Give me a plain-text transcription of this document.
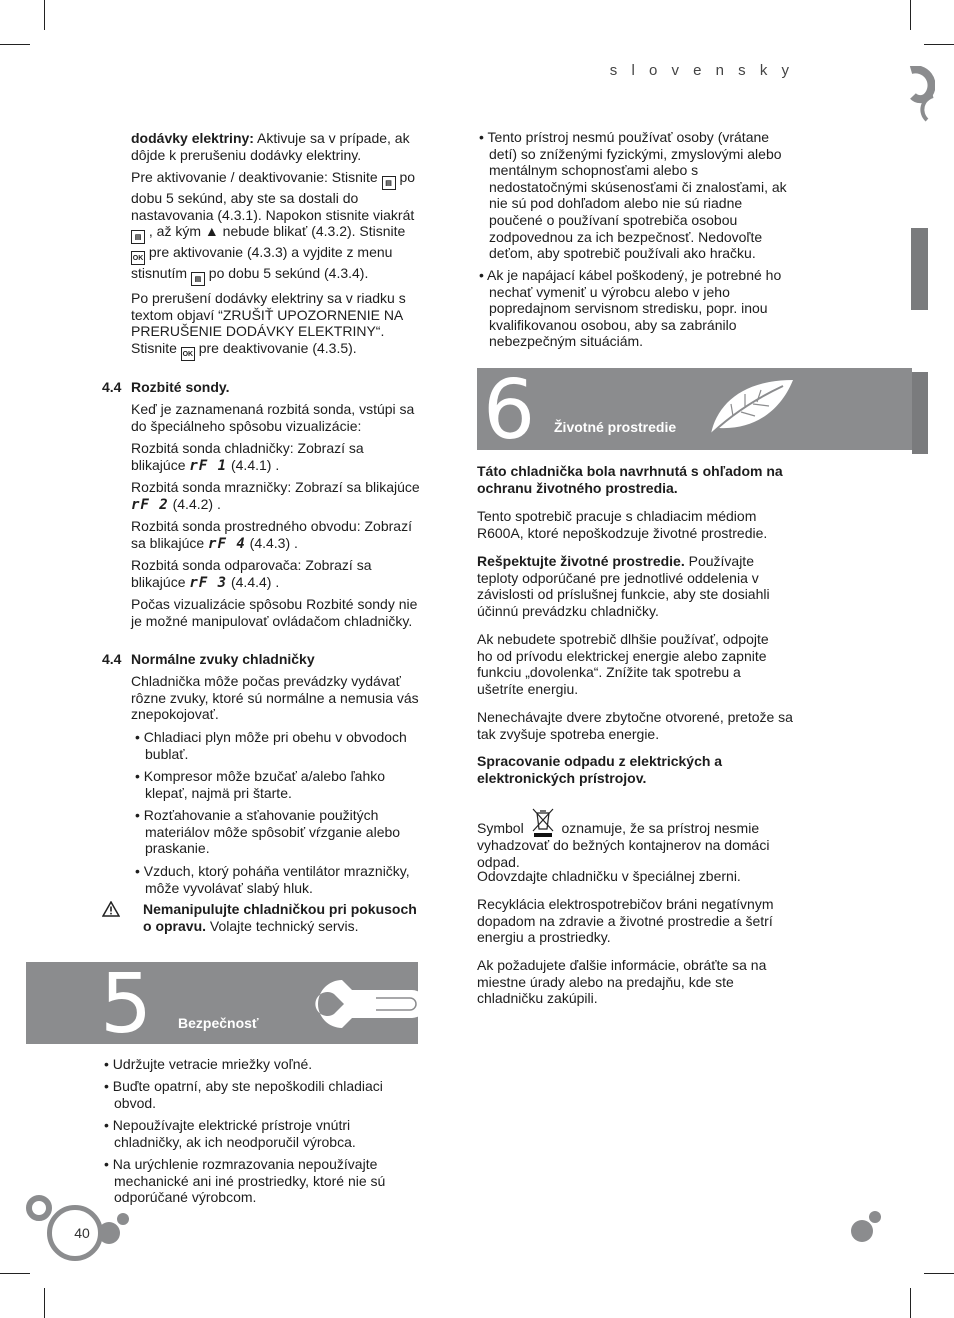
s l o v e n s k y

dodávky elektriny: Aktivuje sa v prípade, ak dôjde k prerušeniu dodávky elektriny.

Pre aktivovanie / deaktivovanie: Stisnite ▤ po dobu 5 sekúnd, aby ste sa dostali do nastavovania (4.3.1). Napokon stisnite viakrát ▤ , až kým ▲ nebude blikať (4.3.2). Stisnite OK pre aktivovanie (4.3.3) a vyjdite z menu stisnutím ▤ po dobu 5 sekúnd (4.3.4).

Po prerušení dodávky elektriny sa v riadku s textom objaví “ZRUŠIŤ UPOZORNENIE NA PRERUŠENIE DODÁVKY ELEKTRINY“. Stisnite OK pre deaktivovanie (4.3.5).

4.4 Rozbité sondy.

Keď je zaznamenaná rozbitá sonda, vstúpi sa do špeciálneho spôsobu vizualizácie:

Rozbitá sonda chladničky: Zobrazí sa blikajúce rF 1 (4.4.1) .

Rozbitá sonda mrazničky: Zobrazí sa blikajúce rF 2 (4.4.2) .

Rozbitá sonda prostredného obvodu: Zobrazí sa blikajúce rF 4 (4.4.3) .

Rozbitá sonda odparovača: Zobrazí sa blikajúce rF 3 (4.4.4) .

Počas vizualizácie spôsobu Rozbité sondy nie je možné manipulovať ovládačom chladničky.

4.4 Normálne zvuky chladničky

Chladnička môže počas prevádzky vydávať rôzne zvuky, ktoré sú normálne a nemusia vás znepokojovať.

• Chladiaci plyn môže pri obehu v obvodoch bublať.

• Kompresor môže bzučať a/alebo ľahko klepať, najmä pri štarte.

• Rozťahovanie a sťahovanie použitých materiálov môže spôsobiť vŕzganie alebo praskanie.

• Vzduch, ktorý poháňa ventilátor mrazničky, môže vyvolávať slabý hluk.

Nemanipulujte chladničkou pri pokusoch o opravu. Volajte technický servis.

5 Bezpečnosť

• Udržujte vetracie mriežky voľné.

• Buďte opatrní, aby ste nepoškodili chladiaci obvod.

• Nepoužívajte elektrické prístroje vnútri chladničky, ak ich neodporučil výrobca.

• Na urýchlenie rozmrazovania nepoužívajte mechanické ani iné prostriedky, ktoré nie sú odporúčané výrobcom.

• Tento prístroj nesmú používať osoby (vrátane detí) so zníženými fyzickými, zmyslovými alebo mentálnym schopnosťami alebo s nedostatočnými skúsenosťami či znalosťami, ak nie sú pod dohľadom alebo nie sú riadne poučené o používaní spotrebiča osobou zodpovednou za ich bezpečnosť. Nedovoľte deťom, aby spotrebič používali ako hračku.

• Ak je napájací kábel poškodený, je potrebné ho nechať vymeniť u výrobcu alebo v jeho popredajnom servisnom stredisku, popr. inou kvalifikovanou osobou, aby sa zabránilo nebezpečným situáciám.

6 Životné prostredie

Táto chladnička bola navrhnutá s ohľadom na ochranu životného prostredia.

Tento spotrebič pracuje s chladiacim médiom R600A, ktoré nepoškodzuje životné prostredie.

Rešpektujte životné prostredie. Používajte teploty odporúčané pre jednotlivé oddelenia v závislosti od príslušnej funkcie, aby ste dosiahli účinnú prevádzku chladničky.

Ak nebudete spotrebič dlhšie používať, odpojte ho od prívodu elektrickej energie alebo zapnite funkciu „dovolenka“. Znížite tak spotrebu a ušetríte energiu.

Nenechávajte dvere zbytočne otvorené, pretože sa tak zvyšuje spotreba energie.

Spracovanie odpadu z elektrických a elektronických prístrojov.

Symbol  oznamuje, že sa prístroj nesmie vyhadzovať do bežných kontajnerov na domáci odpad.

Odovzdajte chladničku v špeciálnej zberni.

Recyklácia elektrospotrebičov bráni negatívnym dopadom na zdravie a životné prostredie a šetrí energiu a prostriedky.

Ak požadujete ďalšie informácie, obráťte sa na miestne úrady alebo na predajňu, kde ste chladničku zakúpili.

40
